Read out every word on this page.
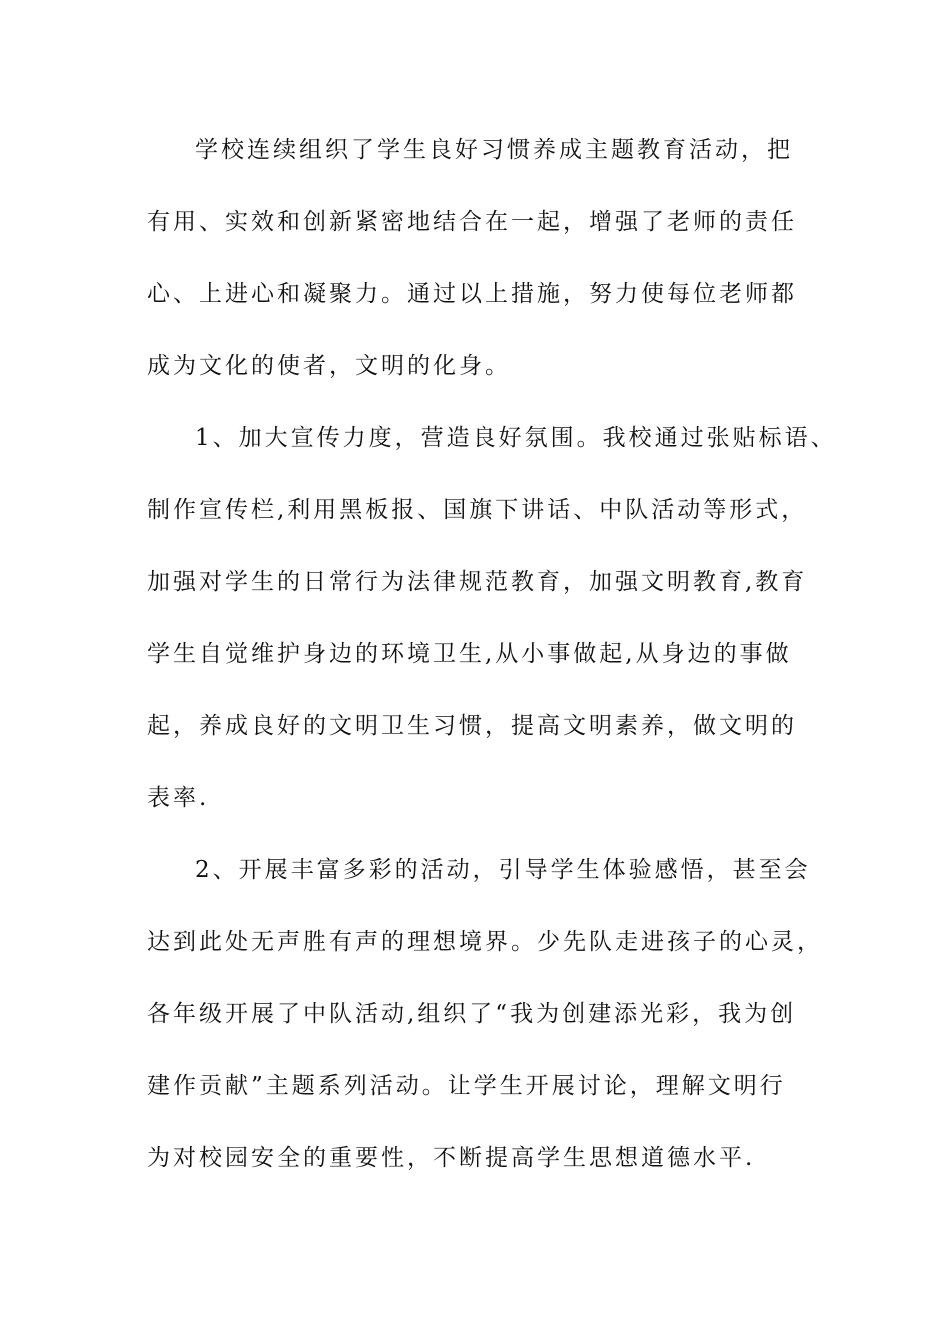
学校连续组织了学生良好习惯养成主题教育活动，把
有用、实效和创新紧密地结合在一起，增强了老师的责任
心、上进心和凝聚力。通过以上措施，努力使每位老师都
成为文化的使者，文明的化身。
1、加大宣传力度，营造良好氛围。我校通过张贴标语、
制作宣传栏,利用黑板报、国旗下讲话、中队活动等形式，
加强对学生的日常行为法律规范教育，加强文明教育,教育
学生自觉维护身边的环境卫生,从小事做起,从身边的事做
起，养成良好的文明卫生习惯，提高文明素养，做文明的
表率.
2、开展丰富多彩的活动，引导学生体验感悟，甚至会
达到此处无声胜有声的理想境界。少先队走进孩子的心灵，
各年级开展了中队活动,组织了“我为创建添光彩，我为创
建作贡献”主题系列活动。让学生开展讨论，理解文明行
为对校园安全的重要性，不断提高学生思想道德水平.
